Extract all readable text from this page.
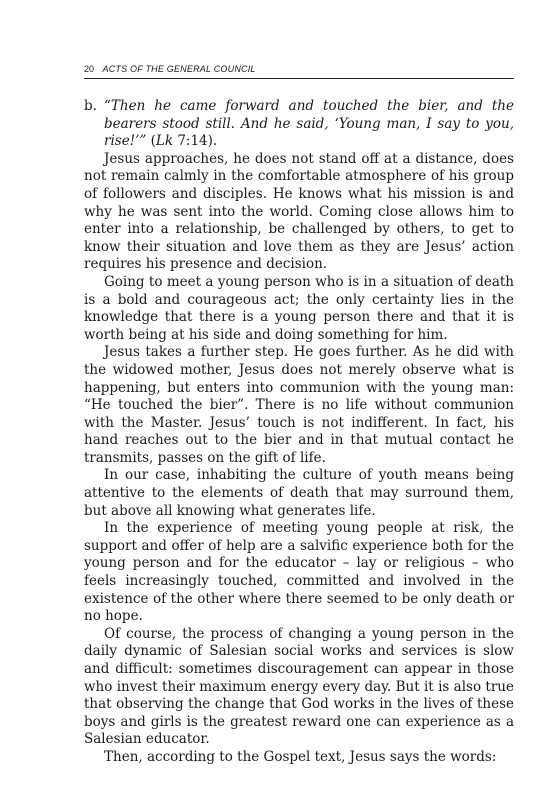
20 ACTS OF THE GENERAL COUNCIL
b. “Then he came forward and touched the bier, and the bearers stood still. And he said, ‘Young man, I say to you, rise!’” (Lk 7:14).

Jesus approaches, he does not stand off at a distance, does not remain calmly in the comfortable atmosphere of his group of followers and disciples. He knows what his mission is and why he was sent into the world. Coming close allows him to enter into a relationship, be challenged by others, to get to know their situation and love them as they are Jesus’ action requires his presence and decision.

Going to meet a young person who is in a situation of death is a bold and courageous act; the only certainty lies in the knowledge that there is a young person there and that it is worth being at his side and doing something for him.

Jesus takes a further step. He goes further. As he did with the widowed mother, Jesus does not merely observe what is happening, but enters into communion with the young man: “He touched the bier”. There is no life without communion with the Master. Jesus’ touch is not indifferent. In fact, his hand reaches out to the bier and in that mutual contact he transmits, passes on the gift of life.

In our case, inhabiting the culture of youth means being attentive to the elements of death that may surround them, but above all knowing what generates life.

In the experience of meeting young people at risk, the support and offer of help are a salvific experience both for the young person and for the educator – lay or religious – who feels increasingly touched, committed and involved in the existence of the other where there seemed to be only death or no hope.

Of course, the process of changing a young person in the daily dynamic of Salesian social works and services is slow and difficult: sometimes discouragement can appear in those who invest their maximum energy every day. But it is also true that observing the change that God works in the lives of these boys and girls is the greatest reward one can experience as a Salesian educator.

Then, according to the Gospel text, Jesus says the words:
